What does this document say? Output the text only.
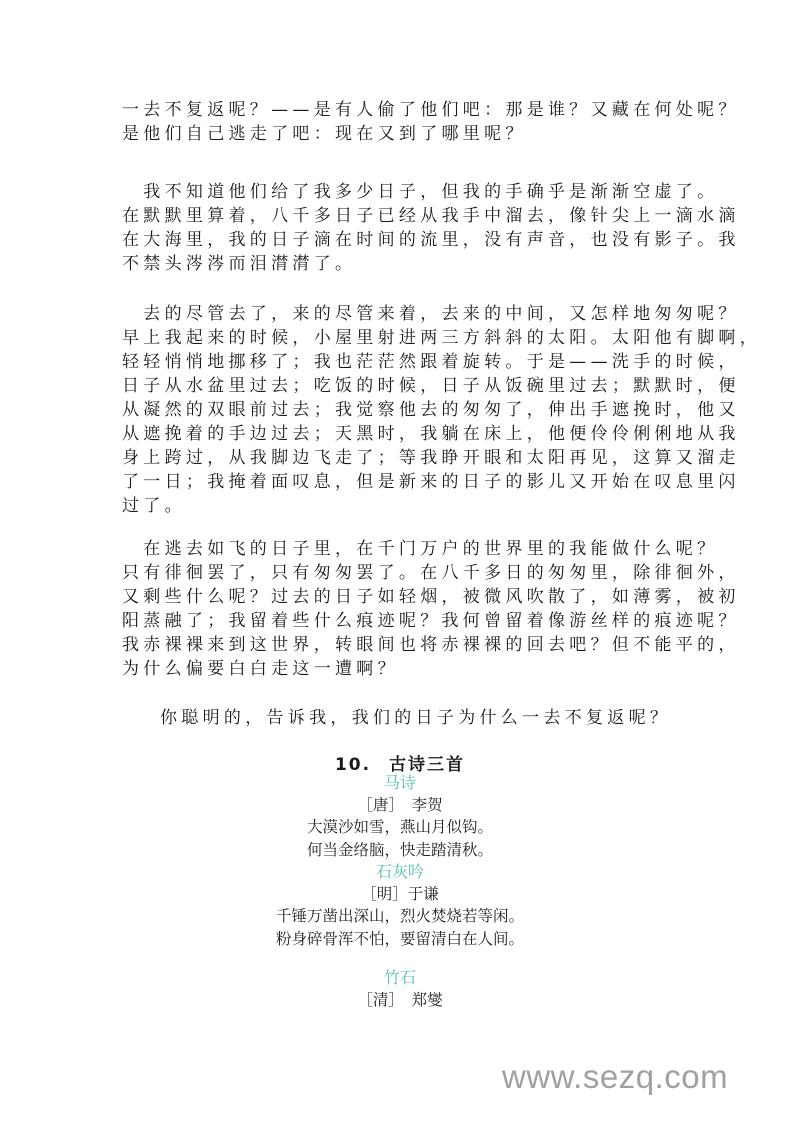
一去不复返呢？——是有人偷了他们吧：那是谁？又藏在何处呢？
是他们自己逃走了吧：现在又到了哪里呢？
　我不知道他们给了我多少日子，但我的手确乎是渐渐空虚了。
在默默里算着，八千多日子已经从我手中溜去，像针尖上一滴水滴
在大海里，我的日子滴在时间的流里，没有声音，也没有影子。我
不禁头涔涔而泪潸潸了。
　去的尽管去了，来的尽管来着，去来的中间，又怎样地匆匆呢？
早上我起来的时候，小屋里射进两三方斜斜的太阳。太阳他有脚啊，
轻轻悄悄地挪移了；我也茫茫然跟着旋转。于是——洗手的时候，
日子从水盆里过去；吃饭的时候，日子从饭碗里过去；默默时，便
从凝然的双眼前过去；我觉察他去的匆匆了，伸出手遮挽时，他又
从遮挽着的手边过去；天黑时，我躺在床上，他便伶伶俐俐地从我
身上跨过，从我脚边飞走了；等我睁开眼和太阳再见，这算又溜走
了一日；我掩着面叹息，但是新来的日子的影儿又开始在叹息里闪
过了。
　在逃去如飞的日子里，在千门万户的世界里的我能做什么呢？
只有徘徊罢了，只有匆匆罢了。在八千多日的匆匆里，除徘徊外，
又剩些什么呢？过去的日子如轻烟，被微风吹散了，如薄雾，被初
阳蒸融了；我留着些什么痕迹呢？我何曾留着像游丝样的痕迹呢？
我赤裸裸来到这世界，转眼间也将赤裸裸的回去吧？但不能平的，
为什么偏要白白走这一遭啊？
你聪明的，告诉我，我们的日子为什么一去不复返呢？
10. 古诗三首
马诗
［唐］　李贺
大漠沙如雪，燕山月似钩。
何当金络脑，快走踏清秋。
石灰吟
［明］于谦
千锤万凿出深山，烈火焚烧若等闲。
粉身碎骨浑不怕，要留清白在人间。
竹石
［清］　郑燮
www.sezq.com
